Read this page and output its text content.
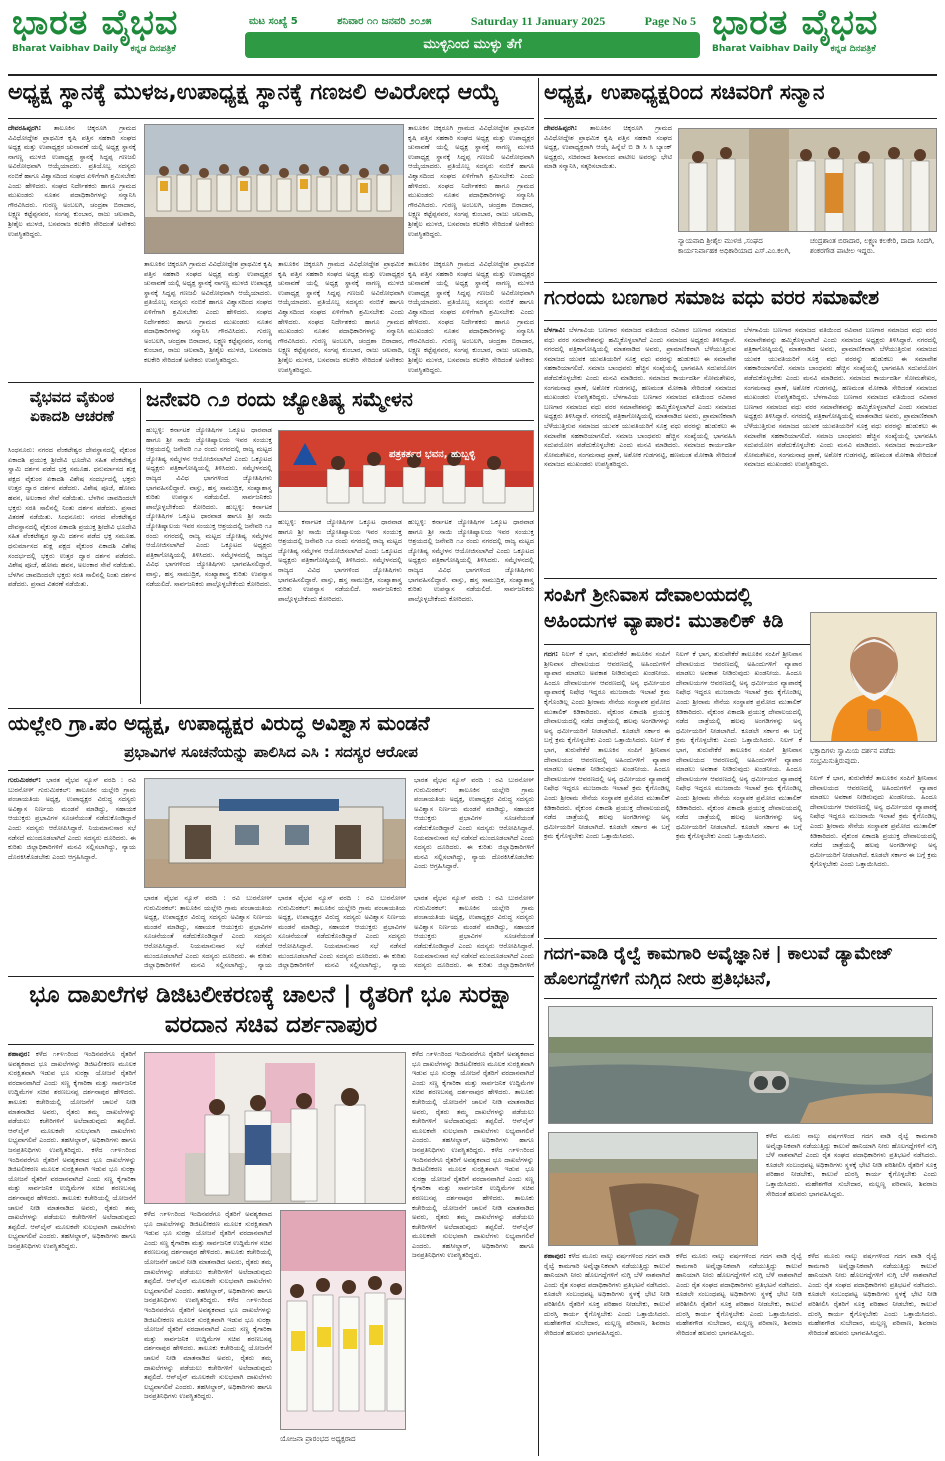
ಭಾರತ ವೈಭವ
Bharat Vaibhav Daily ಕನ್ನಡ ದಿನಪತ್ರಿಕೆ
ಮಟ ಸಂಖ್ಯೆ 5	ಶನಿವಾರ ೧೧ ಜನವರಿ ೨೦೨೫	Saturday 11 January 2025	Page No 5
ಮುಳ್ಳಿನಿಂದ ಮುಳ್ಳು ತೆಗೆ
ಭಾರತ ವೈಭವ
Bharat Vaibhav Daily ಕನ್ನಡ ದಿನಪತ್ರಿಕೆ
ಅಧ್ಯಕ್ಷ ಸ್ಥಾನಕ್ಕೆ ಮುಳಜ,ಉಪಾಧ್ಯಕ್ಷ ಸ್ಥಾನಕ್ಕೆ ಗಣಜಲಿ ಅವಿರೋಧ ಆಯ್ಕೆ
ದೇವರಹಿಪ್ಪರಗಿ: ತಾಲೂಕಿನ ಚಿಕ್ಕರೂಗಿ ಗ್ರಾಮದ ವಿವಿಧೋದ್ದೇಶ ಪ್ರಾಥಮಿಕ ಕೃಷಿ ಪತ್ತಿನ ಸಹಕಾರಿ ಸಂಘದ ಅಧ್ಯಕ್ಷ ಮತ್ತು ಉಪಾಧ್ಯಕ್ಷರ ಚುನಾವಣೆ ಯಲ್ಲಿ ಅಧ್ಯಕ್ಷ ಸ್ಥಾನಕ್ಕೆ ನಾಗಣ್ಣ ಮುಳಜಿ ಉಪಾಧ್ಯಕ್ಷ ಸ್ಥಾನಕ್ಕೆ ಸಿದ್ದಪ್ಪ ಗಣಜಲಿ ಅವಿರೋಧವಾಗಿ ಆಯ್ಕೆಯಾದರು. ಪ್ರತಿಯೊಬ್ಬ ಸದಸ್ಯರು ನಂಬಿಕೆ ಹಾಗೂ ವಿಶ್ವಾಸದಿಂದ ಸಂಘದ ಏಳಿಗೆಗಾಗಿ ಶ್ರಮಿಸಬೇಕು ಎಂದು ಹೇಳಿದರು. ಸಂಘದ ನಿರ್ದೇಶಕರು ಹಾಗೂ ಗ್ರಾಮದ ಮುಖಂಡರು ನೂತನ ಪದಾಧಿಕಾರಿಗಳನ್ನು ಸನ್ಮಾನಿಸಿ ಗೌರವಿಸಿದರು. ಗುರಣ್ಣ ಅಂಬಲಗಿ, ಚಂದ್ರಶಾ ಬಿರಾದಾರ, ಲಕ್ಷ್ಮಣ ಕಟ್ಟೆಪ್ಪನವರ, ಸಂಗಪ್ಪ ಕುಂಬಾರ, ರಾಜು ಚಲವಾದಿ, ಶ್ರೀಶೈಲ ಮುಳಜಿ, ಬಸವರಾಜ ಕಲಕೇರಿ ಸೇರಿದಂತೆ ಅನೇಕರು ಉಪಸ್ಥಿತರಿದ್ದರು.
ತಾಲೂಕಿನ ಚಿಕ್ಕರೂಗಿ ಗ್ರಾಮದ ವಿವಿಧೋದ್ದೇಶ ಪ್ರಾಥಮಿಕ ಕೃಷಿ ಪತ್ತಿನ ಸಹಕಾರಿ ಸಂಘದ ಅಧ್ಯಕ್ಷ ಮತ್ತು ಉಪಾಧ್ಯಕ್ಷರ ಚುನಾವಣೆ ಯಲ್ಲಿ ಅಧ್ಯಕ್ಷ ಸ್ಥಾನಕ್ಕೆ ನಾಗಣ್ಣ ಮುಳಜಿ ಉಪಾಧ್ಯಕ್ಷ ಸ್ಥಾನಕ್ಕೆ ಸಿದ್ದಪ್ಪ ಗಣಜಲಿ ಅವಿರೋಧವಾಗಿ ಆಯ್ಕೆಯಾದರು. ಪ್ರತಿಯೊಬ್ಬ ಸದಸ್ಯರು ನಂಬಿಕೆ ಹಾಗೂ ವಿಶ್ವಾಸದಿಂದ ಸಂಘದ ಏಳಿಗೆಗಾಗಿ ಶ್ರಮಿಸಬೇಕು ಎಂದು ಹೇಳಿದರು. ಸಂಘದ ನಿರ್ದೇಶಕರು ಹಾಗೂ ಗ್ರಾಮದ ಮುಖಂಡರು ನೂತನ ಪದಾಧಿಕಾರಿಗಳನ್ನು ಸನ್ಮಾನಿಸಿ ಗೌರವಿಸಿದರು. ಗುರಣ್ಣ ಅಂಬಲಗಿ, ಚಂದ್ರಶಾ ಬಿರಾದಾರ, ಲಕ್ಷ್ಮಣ ಕಟ್ಟೆಪ್ಪನವರ, ಸಂಗಪ್ಪ ಕುಂಬಾರ, ರಾಜು ಚಲವಾದಿ, ಶ್ರೀಶೈಲ ಮುಳಜಿ, ಬಸವರಾಜ ಕಲಕೇರಿ ಸೇರಿದಂತೆ ಅನೇಕರು ಉಪಸ್ಥಿತರಿದ್ದರು.
ತಾಲೂಕಿನ ಚಿಕ್ಕರೂಗಿ ಗ್ರಾಮದ ವಿವಿಧೋದ್ದೇಶ ಪ್ರಾಥಮಿಕ ಕೃಷಿ ಪತ್ತಿನ ಸಹಕಾರಿ ಸಂಘದ ಅಧ್ಯಕ್ಷ ಮತ್ತು ಉಪಾಧ್ಯಕ್ಷರ ಚುನಾವಣೆ ಯಲ್ಲಿ ಅಧ್ಯಕ್ಷ ಸ್ಥಾನಕ್ಕೆ ನಾಗಣ್ಣ ಮುಳಜಿ ಉಪಾಧ್ಯಕ್ಷ ಸ್ಥಾನಕ್ಕೆ ಸಿದ್ದಪ್ಪ ಗಣಜಲಿ ಅವಿರೋಧವಾಗಿ ಆಯ್ಕೆಯಾದರು. ಪ್ರತಿಯೊಬ್ಬ ಸದಸ್ಯರು ನಂಬಿಕೆ ಹಾಗೂ ವಿಶ್ವಾಸದಿಂದ ಸಂಘದ ಏಳಿಗೆಗಾಗಿ ಶ್ರಮಿಸಬೇಕು ಎಂದು ಹೇಳಿದರು. ಸಂಘದ ನಿರ್ದೇಶಕರು ಹಾಗೂ ಗ್ರಾಮದ ಮುಖಂಡರು ನೂತನ ಪದಾಧಿಕಾರಿಗಳನ್ನು ಸನ್ಮಾನಿಸಿ ಗೌರವಿಸಿದರು. ಗುರಣ್ಣ ಅಂಬಲಗಿ, ಚಂದ್ರಶಾ ಬಿರಾದಾರ, ಲಕ್ಷ್ಮಣ ಕಟ್ಟೆಪ್ಪನವರ, ಸಂಗಪ್ಪ ಕುಂಬಾರ, ರಾಜು ಚಲವಾದಿ, ಶ್ರೀಶೈಲ ಮುಳಜಿ, ಬಸವರಾಜ ಕಲಕೇರಿ ಸೇರಿದಂತೆ ಅನೇಕರು ಉಪಸ್ಥಿತರಿದ್ದರು.
ತಾಲೂಕಿನ ಚಿಕ್ಕರೂಗಿ ಗ್ರಾಮದ ವಿವಿಧೋದ್ದೇಶ ಪ್ರಾಥಮಿಕ ಕೃಷಿ ಪತ್ತಿನ ಸಹಕಾರಿ ಸಂಘದ ಅಧ್ಯಕ್ಷ ಮತ್ತು ಉಪಾಧ್ಯಕ್ಷರ ಚುನಾವಣೆ ಯಲ್ಲಿ ಅಧ್ಯಕ್ಷ ಸ್ಥಾನಕ್ಕೆ ನಾಗಣ್ಣ ಮುಳಜಿ ಉಪಾಧ್ಯಕ್ಷ ಸ್ಥಾನಕ್ಕೆ ಸಿದ್ದಪ್ಪ ಗಣಜಲಿ ಅವಿರೋಧವಾಗಿ ಆಯ್ಕೆಯಾದರು. ಪ್ರತಿಯೊಬ್ಬ ಸದಸ್ಯರು ನಂಬಿಕೆ ಹಾಗೂ ವಿಶ್ವಾಸದಿಂದ ಸಂಘದ ಏಳಿಗೆಗಾಗಿ ಶ್ರಮಿಸಬೇಕು ಎಂದು ಹೇಳಿದರು. ಸಂಘದ ನಿರ್ದೇಶಕರು ಹಾಗೂ ಗ್ರಾಮದ ಮುಖಂಡರು ನೂತನ ಪದಾಧಿಕಾರಿಗಳನ್ನು ಸನ್ಮಾನಿಸಿ ಗೌರವಿಸಿದರು. ಗುರಣ್ಣ ಅಂಬಲಗಿ, ಚಂದ್ರಶಾ ಬಿರಾದಾರ, ಲಕ್ಷ್ಮಣ ಕಟ್ಟೆಪ್ಪನವರ, ಸಂಗಪ್ಪ ಕುಂಬಾರ, ರಾಜು ಚಲವಾದಿ, ಶ್ರೀಶೈಲ ಮುಳಜಿ, ಬಸವರಾಜ ಕಲಕೇರಿ ಸೇರಿದಂತೆ ಅನೇಕರು ಉಪಸ್ಥಿತರಿದ್ದರು.
ತಾಲೂಕಿನ ಚಿಕ್ಕರೂಗಿ ಗ್ರಾಮದ ವಿವಿಧೋದ್ದೇಶ ಪ್ರಾಥಮಿಕ ಕೃಷಿ ಪತ್ತಿನ ಸಹಕಾರಿ ಸಂಘದ ಅಧ್ಯಕ್ಷ ಮತ್ತು ಉಪಾಧ್ಯಕ್ಷರ ಚುನಾವಣೆ ಯಲ್ಲಿ ಅಧ್ಯಕ್ಷ ಸ್ಥಾನಕ್ಕೆ ನಾಗಣ್ಣ ಮುಳಜಿ ಉಪಾಧ್ಯಕ್ಷ ಸ್ಥಾನಕ್ಕೆ ಸಿದ್ದಪ್ಪ ಗಣಜಲಿ ಅವಿರೋಧವಾಗಿ ಆಯ್ಕೆಯಾದರು. ಪ್ರತಿಯೊಬ್ಬ ಸದಸ್ಯರು ನಂಬಿಕೆ ಹಾಗೂ ವಿಶ್ವಾಸದಿಂದ ಸಂಘದ ಏಳಿಗೆಗಾಗಿ ಶ್ರಮಿಸಬೇಕು ಎಂದು ಹೇಳಿದರು. ಸಂಘದ ನಿರ್ದೇಶಕರು ಹಾಗೂ ಗ್ರಾಮದ ಮುಖಂಡರು ನೂತನ ಪದಾಧಿಕಾರಿಗಳನ್ನು ಸನ್ಮಾನಿಸಿ ಗೌರವಿಸಿದರು. ಗುರಣ್ಣ ಅಂಬಲಗಿ, ಚಂದ್ರಶಾ ಬಿರಾದಾರ, ಲಕ್ಷ್ಮಣ ಕಟ್ಟೆಪ್ಪನವರ, ಸಂಗಪ್ಪ ಕುಂಬಾರ, ರಾಜು ಚಲವಾದಿ, ಶ್ರೀಶೈಲ ಮುಳಜಿ, ಬಸವರಾಜ ಕಲಕೇರಿ ಸೇರಿದಂತೆ ಅನೇಕರು ಉಪಸ್ಥಿತರಿದ್ದರು.
ಅಧ್ಯಕ್ಷ, ಉಪಾಧ್ಯಕ್ಷರಿಂದ ಸಚಿವರಿಗೆ ಸನ್ಮಾನ
ದೇವರಹಿಪ್ಪರಗಿ: ತಾಲೂಕಿನ ಚಿಕ್ಕರೂಗಿ ಗ್ರಾಮದ ವಿವಿಧೋದ್ದೇಶ ಪ್ರಾಥಮಿಕ ಕೃಷಿ ಪತ್ತಿನ ಸಹಕಾರಿ ಸಂಘದ ಅಧ್ಯಕ್ಷ, ಉಪಾಧ್ಯಕ್ಷರಾಗಿ ಆಯ್ಕೆ ಹಿನ್ನೆಲೆ ಬಿ ಡಿ ಸಿ ಸಿ ಬ್ಯಾಂಕ್ ಅಧ್ಯಕ್ಷರು, ಸಚಿವರಾದ ಶಿವಾನಂದ ಪಾಟೀಲ ಅವರನ್ನು ಭೇಟಿ ಮಾಡಿ ಸನ್ಮಾನಿಸಿ, ಸತ್ಕರಿಸಲಾಯಿತು.
ನ್ಯಾಯವಾದಿ ಶ್ರೀಶೈಲ ಮುಳಜಿ ,ಸಂಘದ ಕಾರ್ಯನಿರ್ವಾಹಕ ಅಧಿಕಾರಿಯಾದ ಎಸ್.ಎಂ.ಕಲಗಿ,
ಚಂದ್ರಶಾಂತ ಬಿರಾದಾರ, ಲಕ್ಷ್ಮಣ ಕಲಕೇರಿ, ದಾದಾ ಸಿಂದಗಿ, ಶಂಕರಗೌಡ ಪಾಟೀಲ ಇದ್ದರು.
ಗ೧ರಂದು ಬಣಗಾರ ಸಮಾಜ ವಧು ವರರ ಸಮಾವೇಶ
ಬೆಳಗಾವಿ: ಬೆಳಗಾವಿಯ ಬಣಗಾರ ಸಮಾಜದ ವತಿಯಿಂದ ರವಿವಾರ ಬಣಗಾರ ಸಮಾಜದ ವಧು ವರರ ಸಮಾವೇಶವನ್ನು ಹಮ್ಮಿಕೊಳ್ಳಲಾಗಿದೆ ಎಂದು ಸಮಾಜದ ಅಧ್ಯಕ್ಷರು ತಿಳಿಸಿದ್ದಾರೆ. ನಗರದಲ್ಲಿ ಪತ್ರಿಕಾಗೋಷ್ಠಿಯಲ್ಲಿ ಮಾತನಾಡಿದ ಅವರು, ಪ್ರಾಮಾಣಿಕವಾಗಿ ಬೆಳೆಯುತ್ತಿರುವ ಸಮಾಜದ ಯುವಕ ಯುವತಿಯರಿಗೆ ಸೂಕ್ತ ವಧು ವರರನ್ನು ಹುಡುಕಲು ಈ ಸಮಾವೇಶ ಸಹಕಾರಿಯಾಗಲಿದೆ. ಸಮಾಜ ಬಾಂಧವರು ಹೆಚ್ಚಿನ ಸಂಖ್ಯೆಯಲ್ಲಿ ಭಾಗವಹಿಸಿ ಸದುಪಯೋಗ ಪಡೆದುಕೊಳ್ಳಬೇಕು ಎಂದು ಮನವಿ ಮಾಡಿದರು. ಸಮಾಜದ ಕಾರ್ಯದರ್ಶಿ ಸೋಮಶೇಖರ, ಸಂಗಮನಾಥ ಪ್ರಾಣೆ, ಅಶೋಕ ಗುಡಗನಟ್ಟಿ, ಹಣಮಂತ ಮೋಕಾಶಿ ಸೇರಿದಂತೆ ಸಮಾಜದ ಮುಖಂಡರು ಉಪಸ್ಥಿತರಿದ್ದರು. ಬೆಳಗಾವಿಯ ಬಣಗಾರ ಸಮಾಜದ ವತಿಯಿಂದ ರವಿವಾರ ಬಣಗಾರ ಸಮಾಜದ ವಧು ವರರ ಸಮಾವೇಶವನ್ನು ಹಮ್ಮಿಕೊಳ್ಳಲಾಗಿದೆ ಎಂದು ಸಮಾಜದ ಅಧ್ಯಕ್ಷರು ತಿಳಿಸಿದ್ದಾರೆ. ನಗರದಲ್ಲಿ ಪತ್ರಿಕಾಗೋಷ್ಠಿಯಲ್ಲಿ ಮಾತನಾಡಿದ ಅವರು, ಪ್ರಾಮಾಣಿಕವಾಗಿ ಬೆಳೆಯುತ್ತಿರುವ ಸಮಾಜದ ಯುವಕ ಯುವತಿಯರಿಗೆ ಸೂಕ್ತ ವಧು ವರರನ್ನು ಹುಡುಕಲು ಈ ಸಮಾವೇಶ ಸಹಕಾರಿಯಾಗಲಿದೆ. ಸಮಾಜ ಬಾಂಧವರು ಹೆಚ್ಚಿನ ಸಂಖ್ಯೆಯಲ್ಲಿ ಭಾಗವಹಿಸಿ ಸದುಪಯೋಗ ಪಡೆದುಕೊಳ್ಳಬೇಕು ಎಂದು ಮನವಿ ಮಾಡಿದರು. ಸಮಾಜದ ಕಾರ್ಯದರ್ಶಿ ಸೋಮಶೇಖರ, ಸಂಗಮನಾಥ ಪ್ರಾಣೆ, ಅಶೋಕ ಗುಡಗನಟ್ಟಿ, ಹಣಮಂತ ಮೋಕಾಶಿ ಸೇರಿದಂತೆ ಸಮಾಜದ ಮುಖಂಡರು ಉಪಸ್ಥಿತರಿದ್ದರು.
ಬೆಳಗಾವಿಯ ಬಣಗಾರ ಸಮಾಜದ ವತಿಯಿಂದ ರವಿವಾರ ಬಣಗಾರ ಸಮಾಜದ ವಧು ವರರ ಸಮಾವೇಶವನ್ನು ಹಮ್ಮಿಕೊಳ್ಳಲಾಗಿದೆ ಎಂದು ಸಮಾಜದ ಅಧ್ಯಕ್ಷರು ತಿಳಿಸಿದ್ದಾರೆ. ನಗರದಲ್ಲಿ ಪತ್ರಿಕಾಗೋಷ್ಠಿಯಲ್ಲಿ ಮಾತನಾಡಿದ ಅವರು, ಪ್ರಾಮಾಣಿಕವಾಗಿ ಬೆಳೆಯುತ್ತಿರುವ ಸಮಾಜದ ಯುವಕ ಯುವತಿಯರಿಗೆ ಸೂಕ್ತ ವಧು ವರರನ್ನು ಹುಡುಕಲು ಈ ಸಮಾವೇಶ ಸಹಕಾರಿಯಾಗಲಿದೆ. ಸಮಾಜ ಬಾಂಧವರು ಹೆಚ್ಚಿನ ಸಂಖ್ಯೆಯಲ್ಲಿ ಭಾಗವಹಿಸಿ ಸದುಪಯೋಗ ಪಡೆದುಕೊಳ್ಳಬೇಕು ಎಂದು ಮನವಿ ಮಾಡಿದರು. ಸಮಾಜದ ಕಾರ್ಯದರ್ಶಿ ಸೋಮಶೇಖರ, ಸಂಗಮನಾಥ ಪ್ರಾಣೆ, ಅಶೋಕ ಗುಡಗನಟ್ಟಿ, ಹಣಮಂತ ಮೋಕಾಶಿ ಸೇರಿದಂತೆ ಸಮಾಜದ ಮುಖಂಡರು ಉಪಸ್ಥಿತರಿದ್ದರು. ಬೆಳಗಾವಿಯ ಬಣಗಾರ ಸಮಾಜದ ವತಿಯಿಂದ ರವಿವಾರ ಬಣಗಾರ ಸಮಾಜದ ವಧು ವರರ ಸಮಾವೇಶವನ್ನು ಹಮ್ಮಿಕೊಳ್ಳಲಾಗಿದೆ ಎಂದು ಸಮಾಜದ ಅಧ್ಯಕ್ಷರು ತಿಳಿಸಿದ್ದಾರೆ. ನಗರದಲ್ಲಿ ಪತ್ರಿಕಾಗೋಷ್ಠಿಯಲ್ಲಿ ಮಾತನಾಡಿದ ಅವರು, ಪ್ರಾಮಾಣಿಕವಾಗಿ ಬೆಳೆಯುತ್ತಿರುವ ಸಮಾಜದ ಯುವಕ ಯುವತಿಯರಿಗೆ ಸೂಕ್ತ ವಧು ವರರನ್ನು ಹುಡುಕಲು ಈ ಸಮಾವೇಶ ಸಹಕಾರಿಯಾಗಲಿದೆ. ಸಮಾಜ ಬಾಂಧವರು ಹೆಚ್ಚಿನ ಸಂಖ್ಯೆಯಲ್ಲಿ ಭಾಗವಹಿಸಿ ಸದುಪಯೋಗ ಪಡೆದುಕೊಳ್ಳಬೇಕು ಎಂದು ಮನವಿ ಮಾಡಿದರು. ಸಮಾಜದ ಕಾರ್ಯದರ್ಶಿ ಸೋಮಶೇಖರ, ಸಂಗಮನಾಥ ಪ್ರಾಣೆ, ಅಶೋಕ ಗುಡಗನಟ್ಟಿ, ಹಣಮಂತ ಮೋಕಾಶಿ ಸೇರಿದಂತೆ ಸಮಾಜದ ಮುಖಂಡರು ಉಪಸ್ಥಿತರಿದ್ದರು.
ವೈಭವದ ವೈಕುಂಠ ಏಕಾದಶಿ ಆಚರಣೆ
ಸಿಂಧನೂರು: ನಗರದ ವೆಂಕಟೇಶ್ವರ ದೇವಸ್ಥಾನದಲ್ಲಿ ವೈಕುಂಠ ಏಕಾದಶಿ ಪ್ರಯುಕ್ತ ಶ್ರೀದೇವಿ ಭೂದೇವಿ ಸಹಿತ ವೆಂಕಟೇಶ್ವರ ಸ್ವಾಮಿ ದರ್ಶನ ಪಡೆದ ಭಕ್ತ ಸಮೂಹ. ಧನುರ್ಮಾಸದ ಶುಕ್ಲ ಪಕ್ಷದ ವೈಕುಂಠ ಏಕಾದಶಿ ವಿಶೇಷ ಸಂದರ್ಭದಲ್ಲಿ ಭಕ್ತರು ಉತ್ತರ ದ್ವಾರ ದರ್ಶನ ಪಡೆದರು. ವಿಶೇಷ ಪೂಜೆ, ಹೋಮ ಹವನ, ಅಲಂಕಾರ ಸೇವೆ ನಡೆಯಿತು. ಬೆಳಗಿನ ಜಾವದಿಂದಲೇ ಭಕ್ತರು ಸರತಿ ಸಾಲಿನಲ್ಲಿ ನಿಂತು ದರ್ಶನ ಪಡೆದರು. ಪ್ರಸಾದ ವಿತರಣೆ ನಡೆಯಿತು. ಸಿಂಧನೂರು: ನಗರದ ವೆಂಕಟೇಶ್ವರ ದೇವಸ್ಥಾನದಲ್ಲಿ ವೈಕುಂಠ ಏಕಾದಶಿ ಪ್ರಯುಕ್ತ ಶ್ರೀದೇವಿ ಭೂದೇವಿ ಸಹಿತ ವೆಂಕಟೇಶ್ವರ ಸ್ವಾಮಿ ದರ್ಶನ ಪಡೆದ ಭಕ್ತ ಸಮೂಹ. ಧನುರ್ಮಾಸದ ಶುಕ್ಲ ಪಕ್ಷದ ವೈಕುಂಠ ಏಕಾದಶಿ ವಿಶೇಷ ಸಂದರ್ಭದಲ್ಲಿ ಭಕ್ತರು ಉತ್ತರ ದ್ವಾರ ದರ್ಶನ ಪಡೆದರು. ವಿಶೇಷ ಪೂಜೆ, ಹೋಮ ಹವನ, ಅಲಂಕಾರ ಸೇವೆ ನಡೆಯಿತು. ಬೆಳಗಿನ ಜಾವದಿಂದಲೇ ಭಕ್ತರು ಸರತಿ ಸಾಲಿನಲ್ಲಿ ನಿಂತು ದರ್ಶನ ಪಡೆದರು. ಪ್ರಸಾದ ವಿತರಣೆ ನಡೆಯಿತು.
ಜನೇವರಿ ೧೨ ರಂದು ಜ್ಯೋತಿಷ್ಯ ಸಮ್ಮೇಳನ
ಹುಬ್ಬಳ್ಳಿ: ಕರ್ನಾಟಕ ಜ್ಯೋತಿಷಿಗಳ ಒಕ್ಕೂಟ ಧಾರವಾಡ ಹಾಗೂ ಶ್ರೀ ಸಾಯಿ ಜ್ಯೋತಿಷ್ಯಾಲಯ ಇವರ ಸಂಯುಕ್ತ ಆಶ್ರಯದಲ್ಲಿ ಜನೇವರಿ ೧೨ ರಂದು ನಗರದಲ್ಲಿ ರಾಜ್ಯ ಮಟ್ಟದ ಜ್ಯೋತಿಷ್ಯ ಸಮ್ಮೇಳನ ಆಯೋಜಿಸಲಾಗಿದೆ ಎಂದು ಒಕ್ಕೂಟದ ಅಧ್ಯಕ್ಷರು ಪತ್ರಿಕಾಗೋಷ್ಠಿಯಲ್ಲಿ ತಿಳಿಸಿದರು. ಸಮ್ಮೇಳನದಲ್ಲಿ ರಾಜ್ಯದ ವಿವಿಧ ಭಾಗಗಳಿಂದ ಜ್ಯೋತಿಷಿಗಳು ಭಾಗವಹಿಸಲಿದ್ದಾರೆ. ವಾಸ್ತು, ಹಸ್ತ ಸಾಮುದ್ರಿಕ, ಸಂಖ್ಯಾಶಾಸ್ತ್ರ ಕುರಿತು ಉಪನ್ಯಾಸ ನಡೆಯಲಿದೆ. ಸಾರ್ವಜನಿಕರು ಪಾಲ್ಗೊಳ್ಳಬೇಕೆಂದು ಕೋರಿದರು. ಹುಬ್ಬಳ್ಳಿ: ಕರ್ನಾಟಕ ಜ್ಯೋತಿಷಿಗಳ ಒಕ್ಕೂಟ ಧಾರವಾಡ ಹಾಗೂ ಶ್ರೀ ಸಾಯಿ ಜ್ಯೋತಿಷ್ಯಾಲಯ ಇವರ ಸಂಯುಕ್ತ ಆಶ್ರಯದಲ್ಲಿ ಜನೇವರಿ ೧೨ ರಂದು ನಗರದಲ್ಲಿ ರಾಜ್ಯ ಮಟ್ಟದ ಜ್ಯೋತಿಷ್ಯ ಸಮ್ಮೇಳನ ಆಯೋಜಿಸಲಾಗಿದೆ ಎಂದು ಒಕ್ಕೂಟದ ಅಧ್ಯಕ್ಷರು ಪತ್ರಿಕಾಗೋಷ್ಠಿಯಲ್ಲಿ ತಿಳಿಸಿದರು. ಸಮ್ಮೇಳನದಲ್ಲಿ ರಾಜ್ಯದ ವಿವಿಧ ಭಾಗಗಳಿಂದ ಜ್ಯೋತಿಷಿಗಳು ಭಾಗವಹಿಸಲಿದ್ದಾರೆ. ವಾಸ್ತು, ಹಸ್ತ ಸಾಮುದ್ರಿಕ, ಸಂಖ್ಯಾಶಾಸ್ತ್ರ ಕುರಿತು ಉಪನ್ಯಾಸ ನಡೆಯಲಿದೆ. ಸಾರ್ವಜನಿಕರು ಪಾಲ್ಗೊಳ್ಳಬೇಕೆಂದು ಕೋರಿದರು.
ಪತ್ರಕರ್ತರ ಭವನ, ಹುಬ್ಬಳ್ಳಿ
ಹುಬ್ಬಳ್ಳಿ: ಕರ್ನಾಟಕ ಜ್ಯೋತಿಷಿಗಳ ಒಕ್ಕೂಟ ಧಾರವಾಡ ಹಾಗೂ ಶ್ರೀ ಸಾಯಿ ಜ್ಯೋತಿಷ್ಯಾಲಯ ಇವರ ಸಂಯುಕ್ತ ಆಶ್ರಯದಲ್ಲಿ ಜನೇವರಿ ೧೨ ರಂದು ನಗರದಲ್ಲಿ ರಾಜ್ಯ ಮಟ್ಟದ ಜ್ಯೋತಿಷ್ಯ ಸಮ್ಮೇಳನ ಆಯೋಜಿಸಲಾಗಿದೆ ಎಂದು ಒಕ್ಕೂಟದ ಅಧ್ಯಕ್ಷರು ಪತ್ರಿಕಾಗೋಷ್ಠಿಯಲ್ಲಿ ತಿಳಿಸಿದರು. ಸಮ್ಮೇಳನದಲ್ಲಿ ರಾಜ್ಯದ ವಿವಿಧ ಭಾಗಗಳಿಂದ ಜ್ಯೋತಿಷಿಗಳು ಭಾಗವಹಿಸಲಿದ್ದಾರೆ. ವಾಸ್ತು, ಹಸ್ತ ಸಾಮುದ್ರಿಕ, ಸಂಖ್ಯಾಶಾಸ್ತ್ರ ಕುರಿತು ಉಪನ್ಯಾಸ ನಡೆಯಲಿದೆ. ಸಾರ್ವಜನಿಕರು ಪಾಲ್ಗೊಳ್ಳಬೇಕೆಂದು ಕೋರಿದರು.
ಹುಬ್ಬಳ್ಳಿ: ಕರ್ನಾಟಕ ಜ್ಯೋತಿಷಿಗಳ ಒಕ್ಕೂಟ ಧಾರವಾಡ ಹಾಗೂ ಶ್ರೀ ಸಾಯಿ ಜ್ಯೋತಿಷ್ಯಾಲಯ ಇವರ ಸಂಯುಕ್ತ ಆಶ್ರಯದಲ್ಲಿ ಜನೇವರಿ ೧೨ ರಂದು ನಗರದಲ್ಲಿ ರಾಜ್ಯ ಮಟ್ಟದ ಜ್ಯೋತಿಷ್ಯ ಸಮ್ಮೇಳನ ಆಯೋಜಿಸಲಾಗಿದೆ ಎಂದು ಒಕ್ಕೂಟದ ಅಧ್ಯಕ್ಷರು ಪತ್ರಿಕಾಗೋಷ್ಠಿಯಲ್ಲಿ ತಿಳಿಸಿದರು. ಸಮ್ಮೇಳನದಲ್ಲಿ ರಾಜ್ಯದ ವಿವಿಧ ಭಾಗಗಳಿಂದ ಜ್ಯೋತಿಷಿಗಳು ಭಾಗವಹಿಸಲಿದ್ದಾರೆ. ವಾಸ್ತು, ಹಸ್ತ ಸಾಮುದ್ರಿಕ, ಸಂಖ್ಯಾಶಾಸ್ತ್ರ ಕುರಿತು ಉಪನ್ಯಾಸ ನಡೆಯಲಿದೆ. ಸಾರ್ವಜನಿಕರು ಪಾಲ್ಗೊಳ್ಳಬೇಕೆಂದು ಕೋರಿದರು.	ಸಂಪಿಗೆ ಶ್ರೀನಿವಾಸ ದೇವಾಲಯದಲ್ಲಿ ಅಹಿಂದುಗಳ ವ್ಯಾಪಾರ: ಮುತಾಲಿಕ್ ಕಿಡಿ
ಗದಗ: ನಿಲಗ್ ಕೆ ಭಾಗ, ತುರುವೇಕೆರೆ ತಾಲೂಕಿನ ಸಂಪಿಗೆ ಶ್ರೀನಿವಾಸ ದೇವಾಲಯದ ಆವರಣದಲ್ಲಿ ಅಹಿಂದುಗಳಿಗೆ ವ್ಯಾಪಾರ ಮಾಡಲು ಅವಕಾಶ ನೀಡಿರುವುದು ಖಂಡನೀಯ. ಹಿಂದೂ ದೇವಾಲಯಗಳ ಆವರಣದಲ್ಲಿ ಅನ್ಯ ಧರ್ಮೀಯರ ವ್ಯಾಪಾರಕ್ಕೆ ನಿಷೇಧ ಇದ್ದರೂ ಮುಜರಾಯಿ ಇಲಾಖೆ ಕ್ರಮ ಕೈಗೊಂಡಿಲ್ಲ ಎಂದು ಶ್ರೀರಾಮ ಸೇನೆಯ ಸಂಸ್ಥಾಪಕ ಪ್ರಮೋದ ಮುತಾಲಿಕ್ ಕಿಡಿಕಾರಿದರು. ವೈಕುಂಠ ಏಕಾದಶಿ ಪ್ರಯುಕ್ತ ದೇವಾಲಯದಲ್ಲಿ ನಡೆದ ಜಾತ್ರೆಯಲ್ಲಿ ಹಲವು ಅಂಗಡಿಗಳನ್ನು ಅನ್ಯ ಧರ್ಮೀಯರಿಗೆ ನೀಡಲಾಗಿದೆ. ಕೂಡಲೇ ಸರ್ಕಾರ ಈ ಬಗ್ಗೆ ಕ್ರಮ ಕೈಗೊಳ್ಳಬೇಕು ಎಂದು ಒತ್ತಾಯಿಸಿದರು. ನಿಲಗ್ ಕೆ ಭಾಗ, ತುರುವೇಕೆರೆ ತಾಲೂಕಿನ ಸಂಪಿಗೆ ಶ್ರೀನಿವಾಸ ದೇವಾಲಯದ ಆವರಣದಲ್ಲಿ ಅಹಿಂದುಗಳಿಗೆ ವ್ಯಾಪಾರ ಮಾಡಲು ಅವಕಾಶ ನೀಡಿರುವುದು ಖಂಡನೀಯ. ಹಿಂದೂ ದೇವಾಲಯಗಳ ಆವರಣದಲ್ಲಿ ಅನ್ಯ ಧರ್ಮೀಯರ ವ್ಯಾಪಾರಕ್ಕೆ ನಿಷೇಧ ಇದ್ದರೂ ಮುಜರಾಯಿ ಇಲಾಖೆ ಕ್ರಮ ಕೈಗೊಂಡಿಲ್ಲ ಎಂದು ಶ್ರೀರಾಮ ಸೇನೆಯ ಸಂಸ್ಥಾಪಕ ಪ್ರಮೋದ ಮುತಾಲಿಕ್ ಕಿಡಿಕಾರಿದರು. ವೈಕುಂಠ ಏಕಾದಶಿ ಪ್ರಯುಕ್ತ ದೇವಾಲಯದಲ್ಲಿ ನಡೆದ ಜಾತ್ರೆಯಲ್ಲಿ ಹಲವು ಅಂಗಡಿಗಳನ್ನು ಅನ್ಯ ಧರ್ಮೀಯರಿಗೆ ನೀಡಲಾಗಿದೆ. ಕೂಡಲೇ ಸರ್ಕಾರ ಈ ಬಗ್ಗೆ ಕ್ರಮ ಕೈಗೊಳ್ಳಬೇಕು ಎಂದು ಒತ್ತಾಯಿಸಿದರು.
ನಿಲಗ್ ಕೆ ಭಾಗ, ತುರುವೇಕೆರೆ ತಾಲೂಕಿನ ಸಂಪಿಗೆ ಶ್ರೀನಿವಾಸ ದೇವಾಲಯದ ಆವರಣದಲ್ಲಿ ಅಹಿಂದುಗಳಿಗೆ ವ್ಯಾಪಾರ ಮಾಡಲು ಅವಕಾಶ ನೀಡಿರುವುದು ಖಂಡನೀಯ. ಹಿಂದೂ ದೇವಾಲಯಗಳ ಆವರಣದಲ್ಲಿ ಅನ್ಯ ಧರ್ಮೀಯರ ವ್ಯಾಪಾರಕ್ಕೆ ನಿಷೇಧ ಇದ್ದರೂ ಮುಜರಾಯಿ ಇಲಾಖೆ ಕ್ರಮ ಕೈಗೊಂಡಿಲ್ಲ ಎಂದು ಶ್ರೀರಾಮ ಸೇನೆಯ ಸಂಸ್ಥಾಪಕ ಪ್ರಮೋದ ಮುತಾಲಿಕ್ ಕಿಡಿಕಾರಿದರು. ವೈಕುಂಠ ಏಕಾದಶಿ ಪ್ರಯುಕ್ತ ದೇವಾಲಯದಲ್ಲಿ ನಡೆದ ಜಾತ್ರೆಯಲ್ಲಿ ಹಲವು ಅಂಗಡಿಗಳನ್ನು ಅನ್ಯ ಧರ್ಮೀಯರಿಗೆ ನೀಡಲಾಗಿದೆ. ಕೂಡಲೇ ಸರ್ಕಾರ ಈ ಬಗ್ಗೆ ಕ್ರಮ ಕೈಗೊಳ್ಳಬೇಕು ಎಂದು ಒತ್ತಾಯಿಸಿದರು. ನಿಲಗ್ ಕೆ ಭಾಗ, ತುರುವೇಕೆರೆ ತಾಲೂಕಿನ ಸಂಪಿಗೆ ಶ್ರೀನಿವಾಸ ದೇವಾಲಯದ ಆವರಣದಲ್ಲಿ ಅಹಿಂದುಗಳಿಗೆ ವ್ಯಾಪಾರ ಮಾಡಲು ಅವಕಾಶ ನೀಡಿರುವುದು ಖಂಡನೀಯ. ಹಿಂದೂ ದೇವಾಲಯಗಳ ಆವರಣದಲ್ಲಿ ಅನ್ಯ ಧರ್ಮೀಯರ ವ್ಯಾಪಾರಕ್ಕೆ ನಿಷೇಧ ಇದ್ದರೂ ಮುಜರಾಯಿ ಇಲಾಖೆ ಕ್ರಮ ಕೈಗೊಂಡಿಲ್ಲ ಎಂದು ಶ್ರೀರಾಮ ಸೇನೆಯ ಸಂಸ್ಥಾಪಕ ಪ್ರಮೋದ ಮುತಾಲಿಕ್ ಕಿಡಿಕಾರಿದರು. ವೈಕುಂಠ ಏಕಾದಶಿ ಪ್ರಯುಕ್ತ ದೇವಾಲಯದಲ್ಲಿ ನಡೆದ ಜಾತ್ರೆಯಲ್ಲಿ ಹಲವು ಅಂಗಡಿಗಳನ್ನು ಅನ್ಯ ಧರ್ಮೀಯರಿಗೆ ನೀಡಲಾಗಿದೆ. ಕೂಡಲೇ ಸರ್ಕಾರ ಈ ಬಗ್ಗೆ ಕ್ರಮ ಕೈಗೊಳ್ಳಬೇಕು ಎಂದು ಒತ್ತಾಯಿಸಿದರು.
ಭಕ್ತಾದಿಗಳು ಸ್ವಾಮಿಯ ದರ್ಶನ ಪಡೆದು ಸಂಭ್ರಮಿಸುತ್ತಿರುವುದು.
ನಿಲಗ್ ಕೆ ಭಾಗ, ತುರುವೇಕೆರೆ ತಾಲೂಕಿನ ಸಂಪಿಗೆ ಶ್ರೀನಿವಾಸ ದೇವಾಲಯದ ಆವರಣದಲ್ಲಿ ಅಹಿಂದುಗಳಿಗೆ ವ್ಯಾಪಾರ ಮಾಡಲು ಅವಕಾಶ ನೀಡಿರುವುದು ಖಂಡನೀಯ. ಹಿಂದೂ ದೇವಾಲಯಗಳ ಆವರಣದಲ್ಲಿ ಅನ್ಯ ಧರ್ಮೀಯರ ವ್ಯಾಪಾರಕ್ಕೆ ನಿಷೇಧ ಇದ್ದರೂ ಮುಜರಾಯಿ ಇಲಾಖೆ ಕ್ರಮ ಕೈಗೊಂಡಿಲ್ಲ ಎಂದು ಶ್ರೀರಾಮ ಸೇನೆಯ ಸಂಸ್ಥಾಪಕ ಪ್ರಮೋದ ಮುತಾಲಿಕ್ ಕಿಡಿಕಾರಿದರು. ವೈಕುಂಠ ಏಕಾದಶಿ ಪ್ರಯುಕ್ತ ದೇವಾಲಯದಲ್ಲಿ ನಡೆದ ಜಾತ್ರೆಯಲ್ಲಿ ಹಲವು ಅಂಗಡಿಗಳನ್ನು ಅನ್ಯ ಧರ್ಮೀಯರಿಗೆ ನೀಡಲಾಗಿದೆ. ಕೂಡಲೇ ಸರ್ಕಾರ ಈ ಬಗ್ಗೆ ಕ್ರಮ ಕೈಗೊಳ್ಳಬೇಕು ಎಂದು ಒತ್ತಾಯಿಸಿದರು.
ಯಲ್ಲೇರಿ ಗ್ರಾ.ಪಂ ಅಧ್ಯಕ್ಷ, ಉಪಾಧ್ಯಕ್ಷರ ವಿರುದ್ಧ ಅವಿಶ್ವಾಸ ಮಂಡನೆ
ಪ್ರಭಾವಿಗಳ ಸೂಚನೆಯನ್ನು ಪಾಲಿಸಿದ ಎಸಿ : ಸದಸ್ಯರ ಆರೋಪ
ಗುರುಮಿಠಕಲ್: ಭಾರತ ವೈಭವ ನ್ಯೂಸ್ ವರದಿ : ರವಿ ಬುರನೋಳ್ ಗುರುಮಿಠಕಲ್: ತಾಲೂಕಿನ ಯಲ್ಲೇರಿ ಗ್ರಾಮ ಪಂಚಾಯತಿಯ ಅಧ್ಯಕ್ಷ, ಉಪಾಧ್ಯಕ್ಷರ ವಿರುದ್ಧ ಸದಸ್ಯರು ಅವಿಶ್ವಾಸ ನಿರ್ಣಯ ಮಂಡನೆ ಮಾಡಿದ್ದು, ಸಹಾಯಕ ಆಯುಕ್ತರು ಪ್ರಭಾವಿಗಳ ಸೂಚನೆಯಂತೆ ನಡೆದುಕೊಂಡಿದ್ದಾರೆ ಎಂದು ಸದಸ್ಯರು ಆರೋಪಿಸಿದ್ದಾರೆ. ನಿಯಮಾನುಸಾರ ಸಭೆ ನಡೆಸದೆ ಮುಂದೂಡಲಾಗಿದೆ ಎಂದು ಸದಸ್ಯರು ದೂರಿದರು. ಈ ಕುರಿತು ಜಿಲ್ಲಾಧಿಕಾರಿಗಳಿಗೆ ಮನವಿ ಸಲ್ಲಿಸಲಾಗಿದ್ದು, ನ್ಯಾಯ ದೊರಕಿಸಿಕೊಡಬೇಕು ಎಂದು ಆಗ್ರಹಿಸಿದ್ದಾರೆ.
ಭಾರತ ವೈಭವ ನ್ಯೂಸ್ ವರದಿ : ರವಿ ಬುರನೋಳ್ ಗುರುಮಿಠಕಲ್: ತಾಲೂಕಿನ ಯಲ್ಲೇರಿ ಗ್ರಾಮ ಪಂಚಾಯತಿಯ ಅಧ್ಯಕ್ಷ, ಉಪಾಧ್ಯಕ್ಷರ ವಿರುದ್ಧ ಸದಸ್ಯರು ಅವಿಶ್ವಾಸ ನಿರ್ಣಯ ಮಂಡನೆ ಮಾಡಿದ್ದು, ಸಹಾಯಕ ಆಯುಕ್ತರು ಪ್ರಭಾವಿಗಳ ಸೂಚನೆಯಂತೆ ನಡೆದುಕೊಂಡಿದ್ದಾರೆ ಎಂದು ಸದಸ್ಯರು ಆರೋಪಿಸಿದ್ದಾರೆ. ನಿಯಮಾನುಸಾರ ಸಭೆ ನಡೆಸದೆ ಮುಂದೂಡಲಾಗಿದೆ ಎಂದು ಸದಸ್ಯರು ದೂರಿದರು. ಈ ಕುರಿತು ಜಿಲ್ಲಾಧಿಕಾರಿಗಳಿಗೆ ಮನವಿ ಸಲ್ಲಿಸಲಾಗಿದ್ದು, ನ್ಯಾಯ ದೊರಕಿಸಿಕೊಡಬೇಕು ಎಂದು ಆಗ್ರಹಿಸಿದ್ದಾರೆ.
ಭಾರತ ವೈಭವ ನ್ಯೂಸ್ ವರದಿ : ರವಿ ಬುರನೋಳ್ ಗುರುಮಿಠಕಲ್: ತಾಲೂಕಿನ ಯಲ್ಲೇರಿ ಗ್ರಾಮ ಪಂಚಾಯತಿಯ ಅಧ್ಯಕ್ಷ, ಉಪಾಧ್ಯಕ್ಷರ ವಿರುದ್ಧ ಸದಸ್ಯರು ಅವಿಶ್ವಾಸ ನಿರ್ಣಯ ಮಂಡನೆ ಮಾಡಿದ್ದು, ಸಹಾಯಕ ಆಯುಕ್ತರು ಪ್ರಭಾವಿಗಳ ಸೂಚನೆಯಂತೆ ನಡೆದುಕೊಂಡಿದ್ದಾರೆ ಎಂದು ಸದಸ್ಯರು ಆರೋಪಿಸಿದ್ದಾರೆ. ನಿಯಮಾನುಸಾರ ಸಭೆ ನಡೆಸದೆ ಮುಂದೂಡಲಾಗಿದೆ ಎಂದು ಸದಸ್ಯರು ದೂರಿದರು. ಈ ಕುರಿತು ಜಿಲ್ಲಾಧಿಕಾರಿಗಳಿಗೆ ಮನವಿ ಸಲ್ಲಿಸಲಾಗಿದ್ದು, ನ್ಯಾಯ
ಭಾರತ ವೈಭವ ನ್ಯೂಸ್ ವರದಿ : ರವಿ ಬುರನೋಳ್ ಗುರುಮಿಠಕಲ್: ತಾಲೂಕಿನ ಯಲ್ಲೇರಿ ಗ್ರಾಮ ಪಂಚಾಯತಿಯ ಅಧ್ಯಕ್ಷ, ಉಪಾಧ್ಯಕ್ಷರ ವಿರುದ್ಧ ಸದಸ್ಯರು ಅವಿಶ್ವಾಸ ನಿರ್ಣಯ ಮಂಡನೆ ಮಾಡಿದ್ದು, ಸಹಾಯಕ ಆಯುಕ್ತರು ಪ್ರಭಾವಿಗಳ ಸೂಚನೆಯಂತೆ ನಡೆದುಕೊಂಡಿದ್ದಾರೆ ಎಂದು ಸದಸ್ಯರು ಆರೋಪಿಸಿದ್ದಾರೆ. ನಿಯಮಾನುಸಾರ ಸಭೆ ನಡೆಸದೆ ಮುಂದೂಡಲಾಗಿದೆ ಎಂದು ಸದಸ್ಯರು ದೂರಿದರು. ಈ ಕುರಿತು ಜಿಲ್ಲಾಧಿಕಾರಿಗಳಿಗೆ ಮನವಿ ಸಲ್ಲಿಸಲಾಗಿದ್ದು, ನ್ಯಾಯ
ಭಾರತ ವೈಭವ ನ್ಯೂಸ್ ವರದಿ : ರವಿ ಬುರನೋಳ್ ಗುರುಮಿಠಕಲ್: ತಾಲೂಕಿನ ಯಲ್ಲೇರಿ ಗ್ರಾಮ ಪಂಚಾಯತಿಯ ಅಧ್ಯಕ್ಷ, ಉಪಾಧ್ಯಕ್ಷರ ವಿರುದ್ಧ ಸದಸ್ಯರು ಅವಿಶ್ವಾಸ ನಿರ್ಣಯ ಮಂಡನೆ ಮಾಡಿದ್ದು, ಸಹಾಯಕ ಆಯುಕ್ತರು ಪ್ರಭಾವಿಗಳ ಸೂಚನೆಯಂತೆ ನಡೆದುಕೊಂಡಿದ್ದಾರೆ ಎಂದು ಸದಸ್ಯರು ಆರೋಪಿಸಿದ್ದಾರೆ. ನಿಯಮಾನುಸಾರ ಸಭೆ ನಡೆಸದೆ ಮುಂದೂಡಲಾಗಿದೆ ಎಂದು ಸದಸ್ಯರು ದೂರಿದರು. ಈ ಕುರಿತು ಜಿಲ್ಲಾಧಿಕಾರಿಗಳಿಗೆ
ಭೂ ದಾಖಲೆಗಳ ಡಿಜಿಟಲೀಕರಣಕ್ಕೆ ಚಾಲನೆ | ರೈತರಿಗೆ ಭೂ ಸುರಕ್ಷಾ ವರದಾನ ಸಚಿವ ದರ್ಶನಾಪುರ
ಶಹಾಪುರ: ಕಳೆದ ೧೯೪೧ರಿಂದ ಇಂದಿನವರೆಗೂ ರೈತರಿಗೆ ಅವಶ್ಯಕವಾದ ಭೂ ದಾಖಲೆಗಳನ್ನು ಡಿಜಿಟಲೀಕರಣ ಮೂಲಕ ಸುರಕ್ಷಿತವಾಗಿ ಇಡುವ ಭೂ ಸುರಕ್ಷಾ ಯೋಜನೆ ರೈತರಿಗೆ ವರದಾನವಾಗಿದೆ ಎಂದು ಸಣ್ಣ ಕೈಗಾರಿಕಾ ಮತ್ತು ಸಾರ್ವಜನಿಕ ಉದ್ದಿಮೆಗಳ ಸಚಿವ ಶರಣಬಸಪ್ಪ ದರ್ಶನಾಪುರ ಹೇಳಿದರು. ತಾಲೂಕು ಕಚೇರಿಯಲ್ಲಿ ಯೋಜನೆಗೆ ಚಾಲನೆ ನೀಡಿ ಮಾತನಾಡಿದ ಅವರು, ರೈತರು ತಮ್ಮ ದಾಖಲೆಗಳನ್ನು ಪಡೆಯಲು ಕಚೇರಿಗಳಿಗೆ ಅಲೆದಾಡುವುದು ತಪ್ಪಲಿದೆ. ಆನ್‌ಲೈನ್ ಮೂಲಕವೇ ಸುಲಭವಾಗಿ ದಾಖಲೆಗಳು ಲಭ್ಯವಾಗಲಿವೆ ಎಂದರು. ತಹಸೀಲ್ದಾರ್, ಅಧಿಕಾರಿಗಳು ಹಾಗೂ ಜನಪ್ರತಿನಿಧಿಗಳು ಉಪಸ್ಥಿತರಿದ್ದರು. ಕಳೆದ ೧೯೪೧ರಿಂದ ಇಂದಿನವರೆಗೂ ರೈತರಿಗೆ ಅವಶ್ಯಕವಾದ ಭೂ ದಾಖಲೆಗಳನ್ನು ಡಿಜಿಟಲೀಕರಣ ಮೂಲಕ ಸುರಕ್ಷಿತವಾಗಿ ಇಡುವ ಭೂ ಸುರಕ್ಷಾ ಯೋಜನೆ ರೈತರಿಗೆ ವರದಾನವಾಗಿದೆ ಎಂದು ಸಣ್ಣ ಕೈಗಾರಿಕಾ ಮತ್ತು ಸಾರ್ವಜನಿಕ ಉದ್ದಿಮೆಗಳ ಸಚಿವ ಶರಣಬಸಪ್ಪ ದರ್ಶನಾಪುರ ಹೇಳಿದರು. ತಾಲೂಕು ಕಚೇರಿಯಲ್ಲಿ ಯೋಜನೆಗೆ ಚಾಲನೆ ನೀಡಿ ಮಾತನಾಡಿದ ಅವರು, ರೈತರು ತಮ್ಮ ದಾಖಲೆಗಳನ್ನು ಪಡೆಯಲು ಕಚೇರಿಗಳಿಗೆ ಅಲೆದಾಡುವುದು ತಪ್ಪಲಿದೆ. ಆನ್‌ಲೈನ್ ಮೂಲಕವೇ ಸುಲಭವಾಗಿ ದಾಖಲೆಗಳು ಲಭ್ಯವಾಗಲಿವೆ ಎಂದರು. ತಹಸೀಲ್ದಾರ್, ಅಧಿಕಾರಿಗಳು ಹಾಗೂ ಜನಪ್ರತಿನಿಧಿಗಳು ಉಪಸ್ಥಿತರಿದ್ದರು.
ಕಳೆದ ೧೯೪೧ರಿಂದ ಇಂದಿನವರೆಗೂ ರೈತರಿಗೆ ಅವಶ್ಯಕವಾದ ಭೂ ದಾಖಲೆಗಳನ್ನು ಡಿಜಿಟಲೀಕರಣ ಮೂಲಕ ಸುರಕ್ಷಿತವಾಗಿ ಇಡುವ ಭೂ ಸುರಕ್ಷಾ ಯೋಜನೆ ರೈತರಿಗೆ ವರದಾನವಾಗಿದೆ ಎಂದು ಸಣ್ಣ ಕೈಗಾರಿಕಾ ಮತ್ತು ಸಾರ್ವಜನಿಕ ಉದ್ದಿಮೆಗಳ ಸಚಿವ ಶರಣಬಸಪ್ಪ ದರ್ಶನಾಪುರ ಹೇಳಿದರು. ತಾಲೂಕು ಕಚೇರಿಯಲ್ಲಿ ಯೋಜನೆಗೆ ಚಾಲನೆ ನೀಡಿ ಮಾತನಾಡಿದ ಅವರು, ರೈತರು ತಮ್ಮ ದಾಖಲೆಗಳನ್ನು ಪಡೆಯಲು ಕಚೇರಿಗಳಿಗೆ ಅಲೆದಾಡುವುದು ತಪ್ಪಲಿದೆ. ಆನ್‌ಲೈನ್ ಮೂಲಕವೇ ಸುಲಭವಾಗಿ ದಾಖಲೆಗಳು ಲಭ್ಯವಾಗಲಿವೆ ಎಂದರು. ತಹಸೀಲ್ದಾರ್, ಅಧಿಕಾರಿಗಳು ಹಾಗೂ ಜನಪ್ರತಿನಿಧಿಗಳು ಉಪಸ್ಥಿತರಿದ್ದರು. ಕಳೆದ ೧೯೪೧ರಿಂದ ಇಂದಿನವರೆಗೂ ರೈತರಿಗೆ ಅವಶ್ಯಕವಾದ ಭೂ ದಾಖಲೆಗಳನ್ನು ಡಿಜಿಟಲೀಕರಣ ಮೂಲಕ ಸುರಕ್ಷಿತವಾಗಿ ಇಡುವ ಭೂ ಸುರಕ್ಷಾ ಯೋಜನೆ ರೈತರಿಗೆ ವರದಾನವಾಗಿದೆ ಎಂದು ಸಣ್ಣ ಕೈಗಾರಿಕಾ ಮತ್ತು ಸಾರ್ವಜನಿಕ ಉದ್ದಿಮೆಗಳ ಸಚಿವ ಶರಣಬಸಪ್ಪ ದರ್ಶನಾಪುರ ಹೇಳಿದರು. ತಾಲೂಕು ಕಚೇರಿಯಲ್ಲಿ ಯೋಜನೆಗೆ ಚಾಲನೆ ನೀಡಿ ಮಾತನಾಡಿದ ಅವರು, ರೈತರು ತಮ್ಮ ದಾಖಲೆಗಳನ್ನು ಪಡೆಯಲು ಕಚೇರಿಗಳಿಗೆ ಅಲೆದಾಡುವುದು ತಪ್ಪಲಿದೆ. ಆನ್‌ಲೈನ್ ಮೂಲಕವೇ ಸುಲಭವಾಗಿ ದಾಖಲೆಗಳು ಲಭ್ಯವಾಗಲಿವೆ ಎಂದರು. ತಹಸೀಲ್ದಾರ್, ಅಧಿಕಾರಿಗಳು ಹಾಗೂ ಜನಪ್ರತಿನಿಧಿಗಳು ಉಪಸ್ಥಿತರಿದ್ದರು.
ಕಳೆದ ೧೯೪೧ರಿಂದ ಇಂದಿನವರೆಗೂ ರೈತರಿಗೆ ಅವಶ್ಯಕವಾದ ಭೂ ದಾಖಲೆಗಳನ್ನು ಡಿಜಿಟಲೀಕರಣ ಮೂಲಕ ಸುರಕ್ಷಿತವಾಗಿ ಇಡುವ ಭೂ ಸುರಕ್ಷಾ ಯೋಜನೆ ರೈತರಿಗೆ ವರದಾನವಾಗಿದೆ ಎಂದು ಸಣ್ಣ ಕೈಗಾರಿಕಾ ಮತ್ತು ಸಾರ್ವಜನಿಕ ಉದ್ದಿಮೆಗಳ ಸಚಿವ ಶರಣಬಸಪ್ಪ ದರ್ಶನಾಪುರ ಹೇಳಿದರು. ತಾಲೂಕು ಕಚೇರಿಯಲ್ಲಿ ಯೋಜನೆಗೆ ಚಾಲನೆ ನೀಡಿ ಮಾತನಾಡಿದ ಅವರು, ರೈತರು ತಮ್ಮ ದಾಖಲೆಗಳನ್ನು ಪಡೆಯಲು ಕಚೇರಿಗಳಿಗೆ ಅಲೆದಾಡುವುದು ತಪ್ಪಲಿದೆ. ಆನ್‌ಲೈನ್ ಮೂಲಕವೇ ಸುಲಭವಾಗಿ ದಾಖಲೆಗಳು ಲಭ್ಯವಾಗಲಿವೆ ಎಂದರು. ತಹಸೀಲ್ದಾರ್, ಅಧಿಕಾರಿಗಳು ಹಾಗೂ ಜನಪ್ರತಿನಿಧಿಗಳು ಉಪಸ್ಥಿತರಿದ್ದರು. ಕಳೆದ ೧೯೪೧ರಿಂದ ಇಂದಿನವರೆಗೂ ರೈತರಿಗೆ ಅವಶ್ಯಕವಾದ ಭೂ ದಾಖಲೆಗಳನ್ನು ಡಿಜಿಟಲೀಕರಣ ಮೂಲಕ ಸುರಕ್ಷಿತವಾಗಿ ಇಡುವ ಭೂ ಸುರಕ್ಷಾ ಯೋಜನೆ ರೈತರಿಗೆ ವರದಾನವಾಗಿದೆ ಎಂದು ಸಣ್ಣ ಕೈಗಾರಿಕಾ ಮತ್ತು ಸಾರ್ವಜನಿಕ ಉದ್ದಿಮೆಗಳ ಸಚಿವ ಶರಣಬಸಪ್ಪ ದರ್ಶನಾಪುರ ಹೇಳಿದರು. ತಾಲೂಕು ಕಚೇರಿಯಲ್ಲಿ ಯೋಜನೆಗೆ ಚಾಲನೆ ನೀಡಿ ಮಾತನಾಡಿದ ಅವರು, ರೈತರು ತಮ್ಮ ದಾಖಲೆಗಳನ್ನು ಪಡೆಯಲು ಕಚೇರಿಗಳಿಗೆ ಅಲೆದಾಡುವುದು ತಪ್ಪಲಿದೆ. ಆನ್‌ಲೈನ್ ಮೂಲಕವೇ ಸುಲಭವಾಗಿ ದಾಖಲೆಗಳು ಲಭ್ಯವಾಗಲಿವೆ ಎಂದರು. ತಹಸೀಲ್ದಾರ್, ಅಧಿಕಾರಿಗಳು ಹಾಗೂ ಜನಪ್ರತಿನಿಧಿಗಳು ಉಪಸ್ಥಿತರಿದ್ದರು.
ಯೋಜನಾ ಪ್ರಾರಂಭದ ಅಧ್ಯಕ್ಷರಾದ
ಗದಗ-ವಾಡಿ ರೈಲ್ವೆ ಕಾಮಗಾರಿ ಅವೈಜ್ಞಾನಿಕ | ಕಾಲುವೆ ಡ್ಯಾಮೇಜ್ ಹೊಲಗದ್ದೆಗಳಿಗೆ ನುಗ್ಗಿದ ನೀರು ಪ್ರತಿಭಟನೆ,
ಕಳೆದ ಮೂರು ನಾಲ್ಕು ವರ್ಷಗಳಿಂದ ಗದಗ ವಾಡಿ ರೈಲ್ವೆ ಕಾಮಗಾರಿ ಅವೈಜ್ಞಾನಿಕವಾಗಿ ನಡೆಯುತ್ತಿದ್ದು ಕಾಲುವೆ ಹಾನಿಯಾಗಿ ನೀರು ಹೊಲಗದ್ದೆಗಳಿಗೆ ನುಗ್ಗಿ ಬೆಳೆ ನಾಶವಾಗಿದೆ ಎಂದು ರೈತ ಸಂಘದ ಪದಾಧಿಕಾರಿಗಳು ಪ್ರತಿಭಟನೆ ನಡೆಸಿದರು. ಕೂಡಲೇ ಸಂಬಂಧಪಟ್ಟ ಅಧಿಕಾರಿಗಳು ಸ್ಥಳಕ್ಕೆ ಭೇಟಿ ನೀಡಿ ಪರಿಶೀಲಿಸಿ ರೈತರಿಗೆ ಸೂಕ್ತ ಪರಿಹಾರ ನೀಡಬೇಕು, ಕಾಲುವೆ ದುರಸ್ತಿ ಕಾರ್ಯ ಕೈಗೊಳ್ಳಬೇಕು ಎಂದು ಒತ್ತಾಯಿಸಿದರು. ಮಹೇಶಗೌಡ ಸುಬೇದಾರ, ಮಲ್ಲಣ್ಣ ಪರಿವಾಣ, ಶಿವರಾಜ ಸೇರಿದಂತೆ ಹಲವರು ಭಾಗವಹಿಸಿದ್ದರು.
ಶಹಾಪುರ: ಕಳೆದ ಮೂರು ನಾಲ್ಕು ವರ್ಷಗಳಿಂದ ಗದಗ ವಾಡಿ ರೈಲ್ವೆ ಕಾಮಗಾರಿ ಅವೈಜ್ಞಾನಿಕವಾಗಿ ನಡೆಯುತ್ತಿದ್ದು ಕಾಲುವೆ ಹಾನಿಯಾಗಿ ನೀರು ಹೊಲಗದ್ದೆಗಳಿಗೆ ನುಗ್ಗಿ ಬೆಳೆ ನಾಶವಾಗಿದೆ ಎಂದು ರೈತ ಸಂಘದ ಪದಾಧಿಕಾರಿಗಳು ಪ್ರತಿಭಟನೆ ನಡೆಸಿದರು. ಕೂಡಲೇ ಸಂಬಂಧಪಟ್ಟ ಅಧಿಕಾರಿಗಳು ಸ್ಥಳಕ್ಕೆ ಭೇಟಿ ನೀಡಿ ಪರಿಶೀಲಿಸಿ ರೈತರಿಗೆ ಸೂಕ್ತ ಪರಿಹಾರ ನೀಡಬೇಕು, ಕಾಲುವೆ ದುರಸ್ತಿ ಕಾರ್ಯ ಕೈಗೊಳ್ಳಬೇಕು ಎಂದು ಒತ್ತಾಯಿಸಿದರು. ಮಹೇಶಗೌಡ ಸುಬೇದಾರ, ಮಲ್ಲಣ್ಣ ಪರಿವಾಣ, ಶಿವರಾಜ ಸೇರಿದಂತೆ ಹಲವರು ಭಾಗವಹಿಸಿದ್ದರು.
ಕಳೆದ ಮೂರು ನಾಲ್ಕು ವರ್ಷಗಳಿಂದ ಗದಗ ವಾಡಿ ರೈಲ್ವೆ ಕಾಮಗಾರಿ ಅವೈಜ್ಞಾನಿಕವಾಗಿ ನಡೆಯುತ್ತಿದ್ದು ಕಾಲುವೆ ಹಾನಿಯಾಗಿ ನೀರು ಹೊಲಗದ್ದೆಗಳಿಗೆ ನುಗ್ಗಿ ಬೆಳೆ ನಾಶವಾಗಿದೆ ಎಂದು ರೈತ ಸಂಘದ ಪದಾಧಿಕಾರಿಗಳು ಪ್ರತಿಭಟನೆ ನಡೆಸಿದರು. ಕೂಡಲೇ ಸಂಬಂಧಪಟ್ಟ ಅಧಿಕಾರಿಗಳು ಸ್ಥಳಕ್ಕೆ ಭೇಟಿ ನೀಡಿ ಪರಿಶೀಲಿಸಿ ರೈತರಿಗೆ ಸೂಕ್ತ ಪರಿಹಾರ ನೀಡಬೇಕು, ಕಾಲುವೆ ದುರಸ್ತಿ ಕಾರ್ಯ ಕೈಗೊಳ್ಳಬೇಕು ಎಂದು ಒತ್ತಾಯಿಸಿದರು. ಮಹೇಶಗೌಡ ಸುಬೇದಾರ, ಮಲ್ಲಣ್ಣ ಪರಿವಾಣ, ಶಿವರಾಜ ಸೇರಿದಂತೆ ಹಲವರು ಭಾಗವಹಿಸಿದ್ದರು.
ಕಳೆದ ಮೂರು ನಾಲ್ಕು ವರ್ಷಗಳಿಂದ ಗದಗ ವಾಡಿ ರೈಲ್ವೆ ಕಾಮಗಾರಿ ಅವೈಜ್ಞಾನಿಕವಾಗಿ ನಡೆಯುತ್ತಿದ್ದು ಕಾಲುವೆ ಹಾನಿಯಾಗಿ ನೀರು ಹೊಲಗದ್ದೆಗಳಿಗೆ ನುಗ್ಗಿ ಬೆಳೆ ನಾಶವಾಗಿದೆ ಎಂದು ರೈತ ಸಂಘದ ಪದಾಧಿಕಾರಿಗಳು ಪ್ರತಿಭಟನೆ ನಡೆಸಿದರು. ಕೂಡಲೇ ಸಂಬಂಧಪಟ್ಟ ಅಧಿಕಾರಿಗಳು ಸ್ಥಳಕ್ಕೆ ಭೇಟಿ ನೀಡಿ ಪರಿಶೀಲಿಸಿ ರೈತರಿಗೆ ಸೂಕ್ತ ಪರಿಹಾರ ನೀಡಬೇಕು, ಕಾಲುವೆ ದುರಸ್ತಿ ಕಾರ್ಯ ಕೈಗೊಳ್ಳಬೇಕು ಎಂದು ಒತ್ತಾಯಿಸಿದರು. ಮಹೇಶಗೌಡ ಸುಬೇದಾರ, ಮಲ್ಲಣ್ಣ ಪರಿವಾಣ, ಶಿವರಾಜ ಸೇರಿದಂತೆ ಹಲವರು ಭಾಗವಹಿಸಿದ್ದರು.
